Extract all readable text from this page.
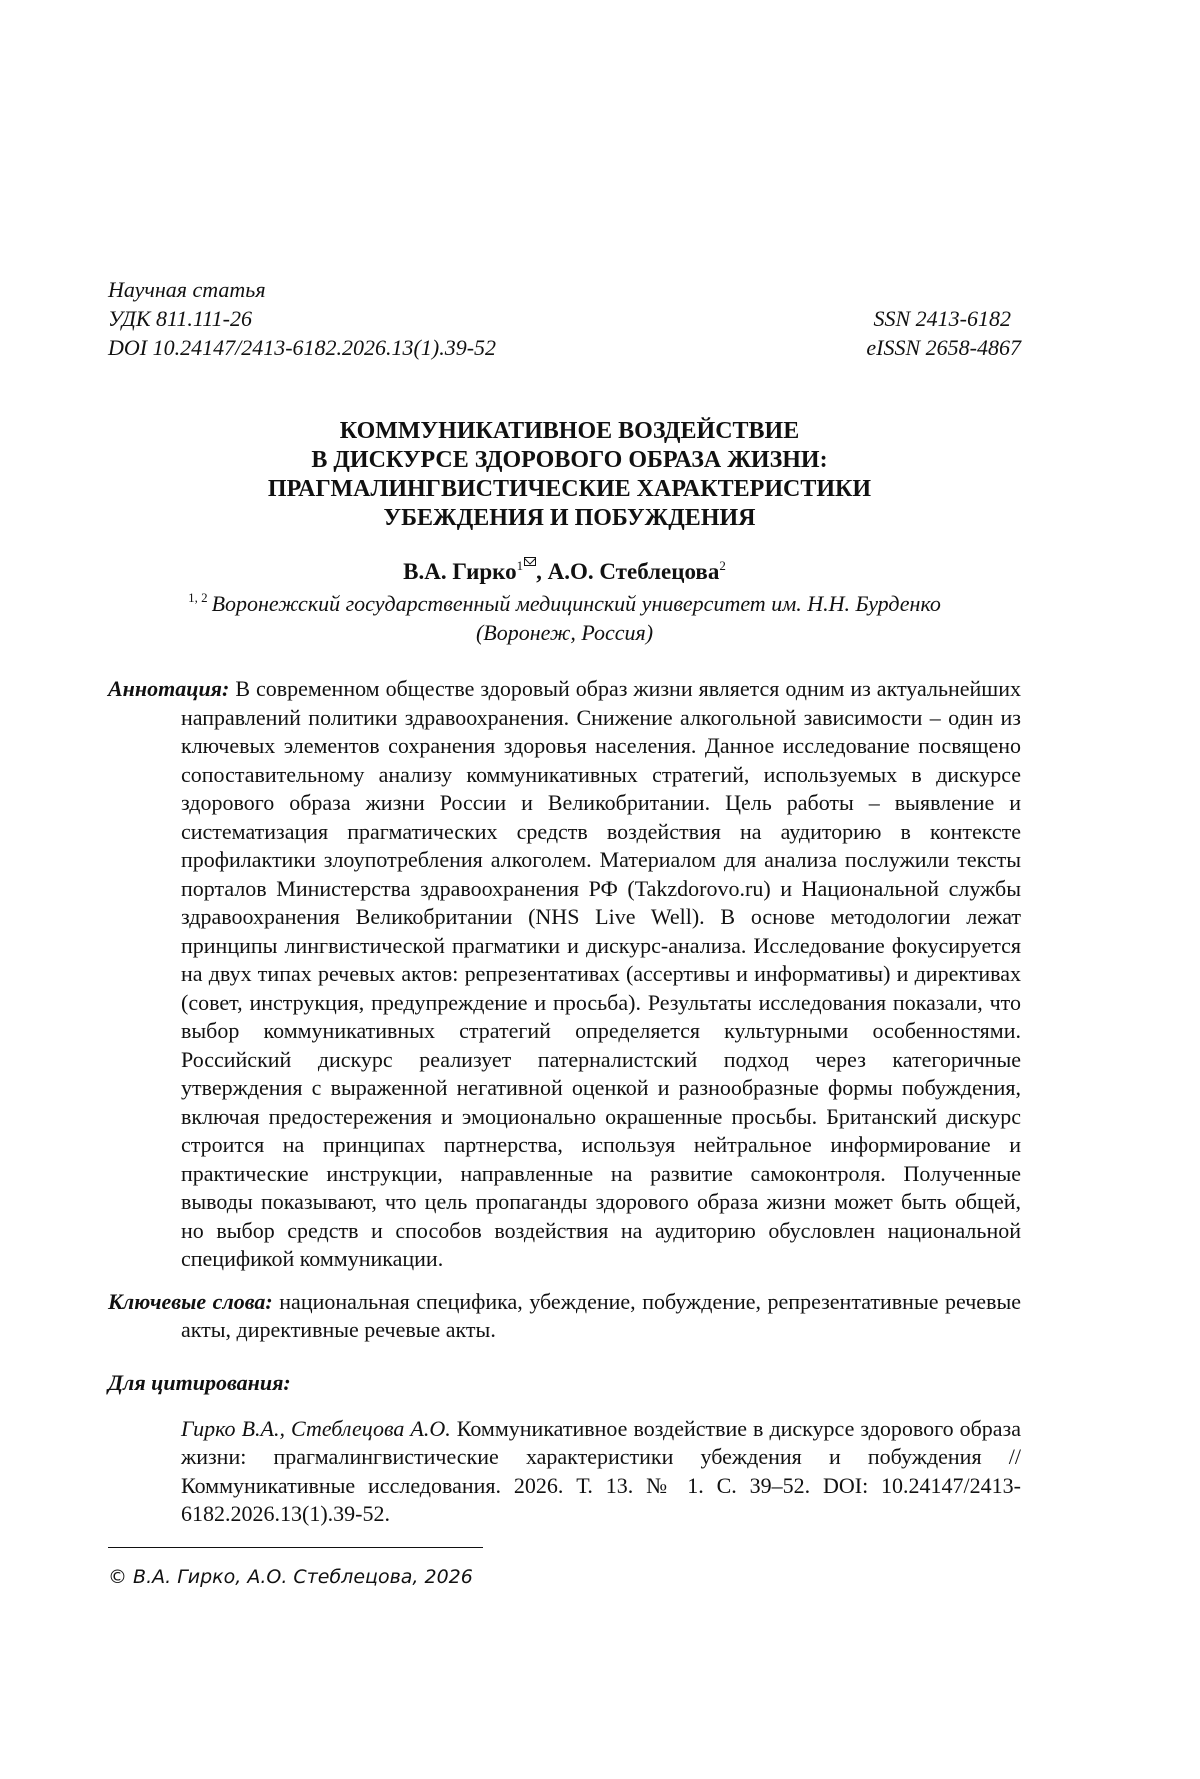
Научная статья
УДК 811.111-26	SSN 2413-6182
DOI 10.24147/2413-6182.2026.13(1).39-52	eISSN 2658-4867
КОММУНИКАТИВНОЕ ВОЗДЕЙСТВИЕ
В ДИСКУРСЕ ЗДОРОВОГО ОБРАЗА ЖИЗНИ:
ПРАГМАЛИНГВИСТИЧЕСКИЕ ХАРАКТЕРИСТИКИ
УБЕЖДЕНИЯ И ПОБУЖДЕНИЯ
В.А. Гирко$^1$ , А.О. Стеблецова$^2$
$^{1, 2}$ Воронежский государственный медицинский университет им. Н.Н. Бурденко
(Воронеж, Россия)
Аннотация: В современном обществе здоровый образ жизни является одним из актуальнейших направлений политики здравоохранения. Снижение алкогольной зависимости – один из ключевых элементов сохранения здоровья населения. Данное исследование посвящено сопоставительному анализу коммуникативных стратегий, используемых в дискурсе здорового образа жизни России и Великобритании. Цель работы – выявление и систематизация прагматических средств воздействия на аудиторию в контексте профилактики злоупотребления алкоголем. Материалом для анализа послужили тексты порталов Министерства здравоохранения РФ (Takzdorovo.ru) и Национальной службы здравоохранения Великобритании (NHS Live Well). В основе методологии лежат принципы лингвистической прагматики и дискурс-анализа. Исследование фокусируется на двух типах речевых актов: репрезентативах (ассертивы и информативы) и директивах (совет, инструкция, предупреждение и просьба). Результаты исследования показали, что выбор коммуникативных стратегий определяется культурными особенностями. Российский дискурс реализует патерналистский подход через категоричные утверждения с выраженной негативной оценкой и разнообразные формы побуждения, включая предостережения и эмоционально окрашенные просьбы. Британский дискурс строится на принципах партнерства, используя нейтральное информирование и практические инструкции, направленные на развитие самоконтроля. Полученные выводы показывают, что цель пропаганды здорового образа жизни может быть общей, но выбор средств и способов воздействия на аудиторию обусловлен национальной спецификой коммуникации.
Ключевые слова: национальная специфика, убеждение, побуждение, репрезентативные речевые акты, директивные речевые акты.
Для цитирования:
Гирко В.А., Стеблецова А.О. Коммуникативное воздействие в дискурсе здорового образа жизни: прагмалингвистические характеристики убеждения и побуждения // Коммуникативные исследования. 2026. Т. 13. № 1. С. 39–52. DOI: 10.24147/2413-6182.2026.13(1).39-52.
© В.А. Гирко, А.О. Стеблецова, 2026
